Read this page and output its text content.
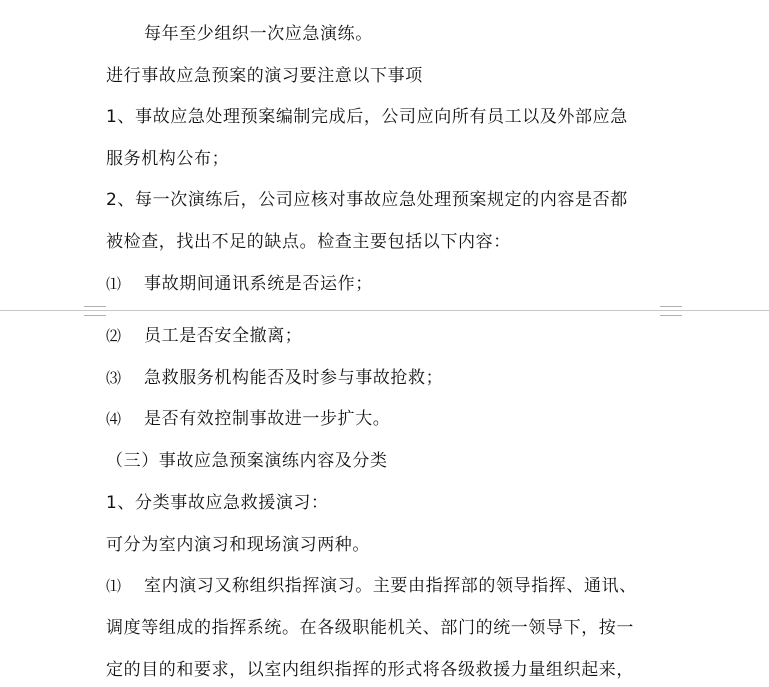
每年至少组织一次应急演练。
进行事故应急预案的演习要注意以下事项
1、事故应急处理预案编制完成后，公司应向所有员工以及外部应急
服务机构公布；
2、每一次演练后，公司应核对事故应急处理预案规定的内容是否都
被检查，找出不足的缺点。检查主要包括以下内容：
⑴ 事故期间通讯系统是否运作；
⑵ 员工是否安全撤离；
⑶ 急救服务机构能否及时参与事故抢救；
⑷ 是否有效控制事故进一步扩大。
（三）事故应急预案演练内容及分类
1、分类事故应急救援演习：
可分为室内演习和现场演习两种。
⑴ 室内演习又称组织指挥演习。主要由指挥部的领导指挥、通讯、
调度等组成的指挥系统。在各级职能机关、部门的统一领导下，按一
定的目的和要求，以室内组织指挥的形式将各级救援力量组织起来，
